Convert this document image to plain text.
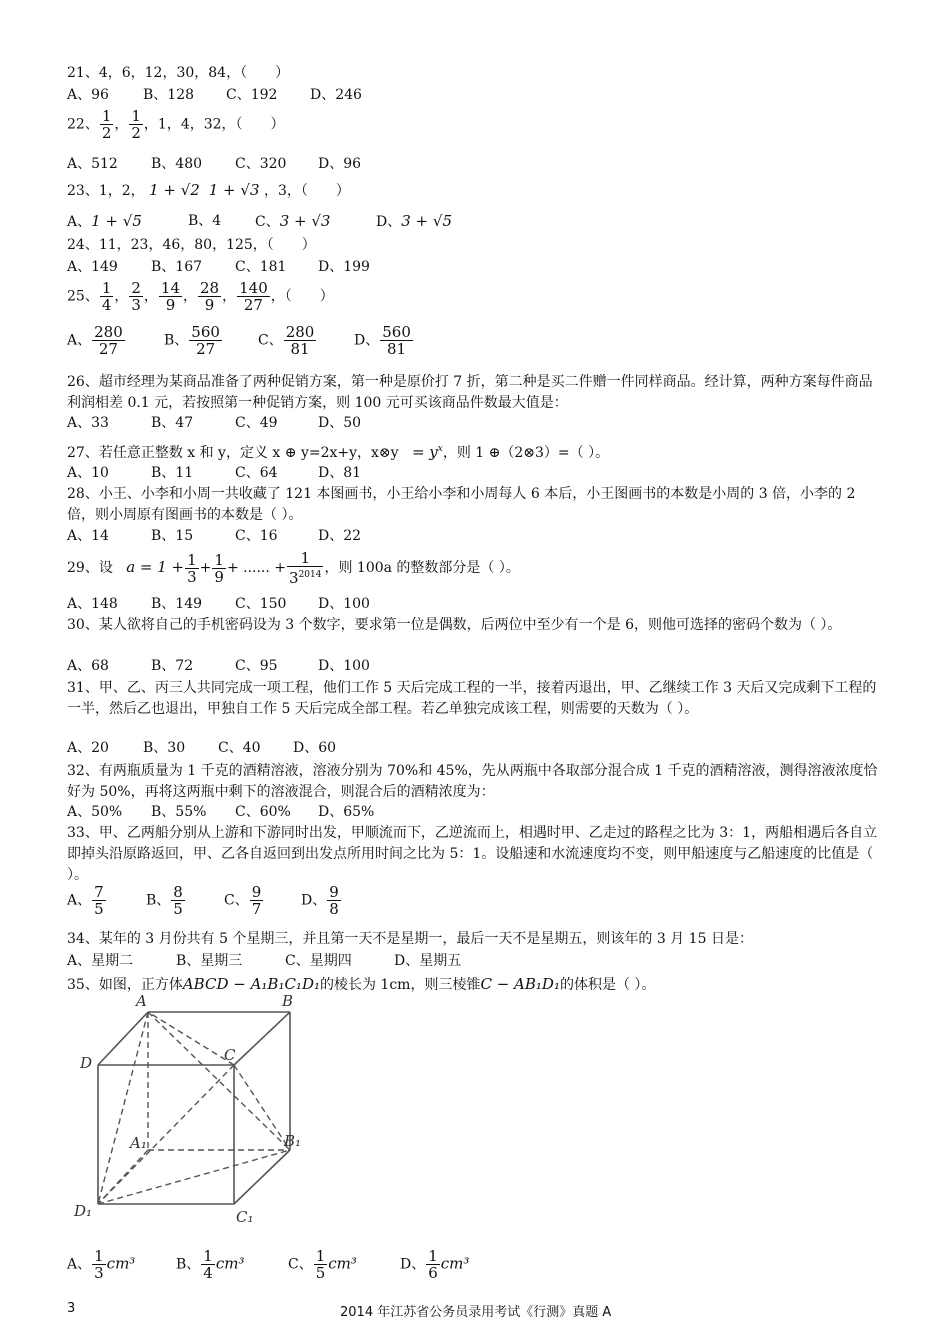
21、4，6，12，30，84，（　　）
A、96 B、128 C、192 D、246
22、 $\frac{1}{2}$ ， $\frac{1}{2}$ ，1，4，32，（　　）
A、512 B、480 C、320 D、96
23、1，2， 1 + √2 1 + √3 ，3，（　　）
A、1 + √5	B、4 C、3 + √3	D、3 + √5
24、11，23，46，80，125，（　　）
A、149 B、167 C、181 D、199
25、 $\frac{1}{4}$ ， $\frac{2}{3}$ ， $\frac{14}{9}$ ， $\frac{28}{9}$ ， $\frac{140}{27}$ ，（　　）
A、 $\frac{280}{27}$	B、 $\frac{560}{27}$	C、 $\frac{280}{81}$	D、 $\frac{560}{81}$
26、超市经理为某商品准备了两种促销方案，第一种是原价打 7 折，第二种是买二件赠一件同样商品。经计算，两种方案每件商品利润相差 0.1 元，若按照第一种促销方案，则 100 元可买该商品件数最大值是：
A、33	B、47	C、49	D、50
27、若任意正整数 x 和 y，定义 x ⊕ y=2x+y，x⊗y = $y^x$，则 1 ⊕（2⊗3）=（ ）。
A、10	B、11	C、64	D、81
28、小王、小李和小周一共收藏了 121 本图画书，小王给小李和小周每人 6 本后，小王图画书的本数是小周的 3 倍，小李的 2 倍，则小周原有图画书的本数是（ ）。
A、14	B、15	C、16	D、22
29、设 $a = 1 + \frac{1}{3} + \frac{1}{9}$ + ...... + $\frac{1}{3^{2014}}$ ，则 100a 的整数部分是（ ）。
A、148 B、149 C、150 D、100
30、某人欲将自己的手机密码设为 3 个数字，要求第一位是偶数，后两位中至少有一个是 6，则他可选择的密码个数为（ ）。
A、68	B、72	C、95	D、100
31、甲、乙、丙三人共同完成一项工程，他们工作 5 天后完成工程的一半，接着丙退出，甲、乙继续工作 3 天后又完成剩下工程的一半，然后乙也退出，甲独自工作 5 天后完成全部工程。若乙单独完成该工程，则需要的天数为（ ）。
A、20 B、30 C、40 D、60
32、有两瓶质量为 1 千克的酒精溶液，溶液分别为 70%和 45%，先从两瓶中各取部分混合成 1 千克的酒精溶液，测得溶液浓度恰好为 50%，再将这两瓶中剩下的溶液混合，则混合后的酒精浓度为：
A、50% B、55% C、60% D、65%
33、甲、乙两船分别从上游和下游同时出发，甲顺流而下，乙逆流而上，相遇时甲、乙走过的路程之比为 3：1，两船相遇后各自立即掉头沿原路返回，甲、乙各自返回到出发点所用时间之比为 5：1。设船速和水流速度均不变，则甲船速度与乙船速度的比值是（ ）。
A、 $\frac{7}{5}$	B、 $\frac{8}{5}$	C、 $\frac{9}{7}$	D、 $\frac{9}{8}$
34、某年的 3 月份共有 5 个星期三，并且第一天不是星期一，最后一天不是星期五，则该年的 3 月 15 日是：
A、星期二	B、星期三	C、星期四	D、星期五
35、如图，正方体ABCD − A₁B₁C₁D₁的棱长为 1cm，则三棱锥C − AB₁D₁的体积是（ ）。
A	B
C
D
A₁	B₁
C₁
D₁
A、 $\frac{1}{3} cm^3$	B、 $\frac{1}{4} cm^3$	C、 $\frac{1}{5} cm^3$	D、 $\frac{1}{6} cm^3$
3	2014 年江苏省公务员录用考试《行测》真题 A
